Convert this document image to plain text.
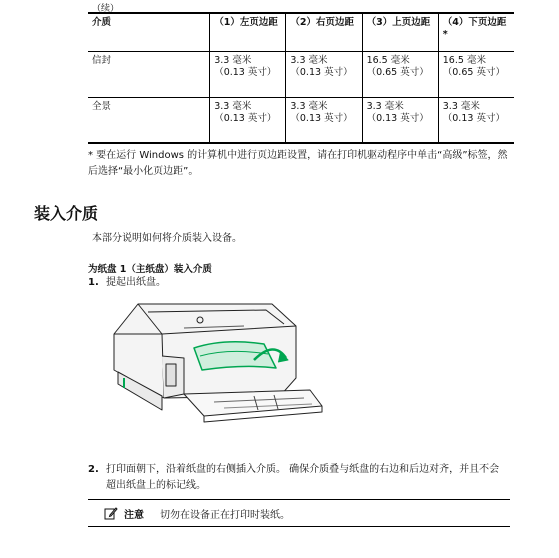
（续）
介质	（1）左页边距	（2）右页边距	（3）上页边距	（4）下页边距*
信封	3.3 毫米（0.13 英寸）	3.3 毫米（0.13 英寸）	16.5 毫米（0.65 英寸）	16.5 毫米（0.65 英寸）
全景	3.3 毫米（0.13 英寸）	3.3 毫米（0.13 英寸）	3.3 毫米（0.13 英寸）	3.3 毫米（0.13 英寸）
* 要在运行 Windows 的计算机中进行页边距设置，请在打印机驱动程序中单击“高级”标签，然后选择“最小化页边距”。
装入介质
本部分说明如何将介质装入设备。
为纸盘 1（主纸盘）装入介质
1. 提起出纸盘。
2. 打印面朝下，沿着纸盘的右侧插入介质。 确保介质叠与纸盘的右边和后边对齐，并且不会超出纸盘上的标记线。
注意 切勿在设备正在打印时装纸。
